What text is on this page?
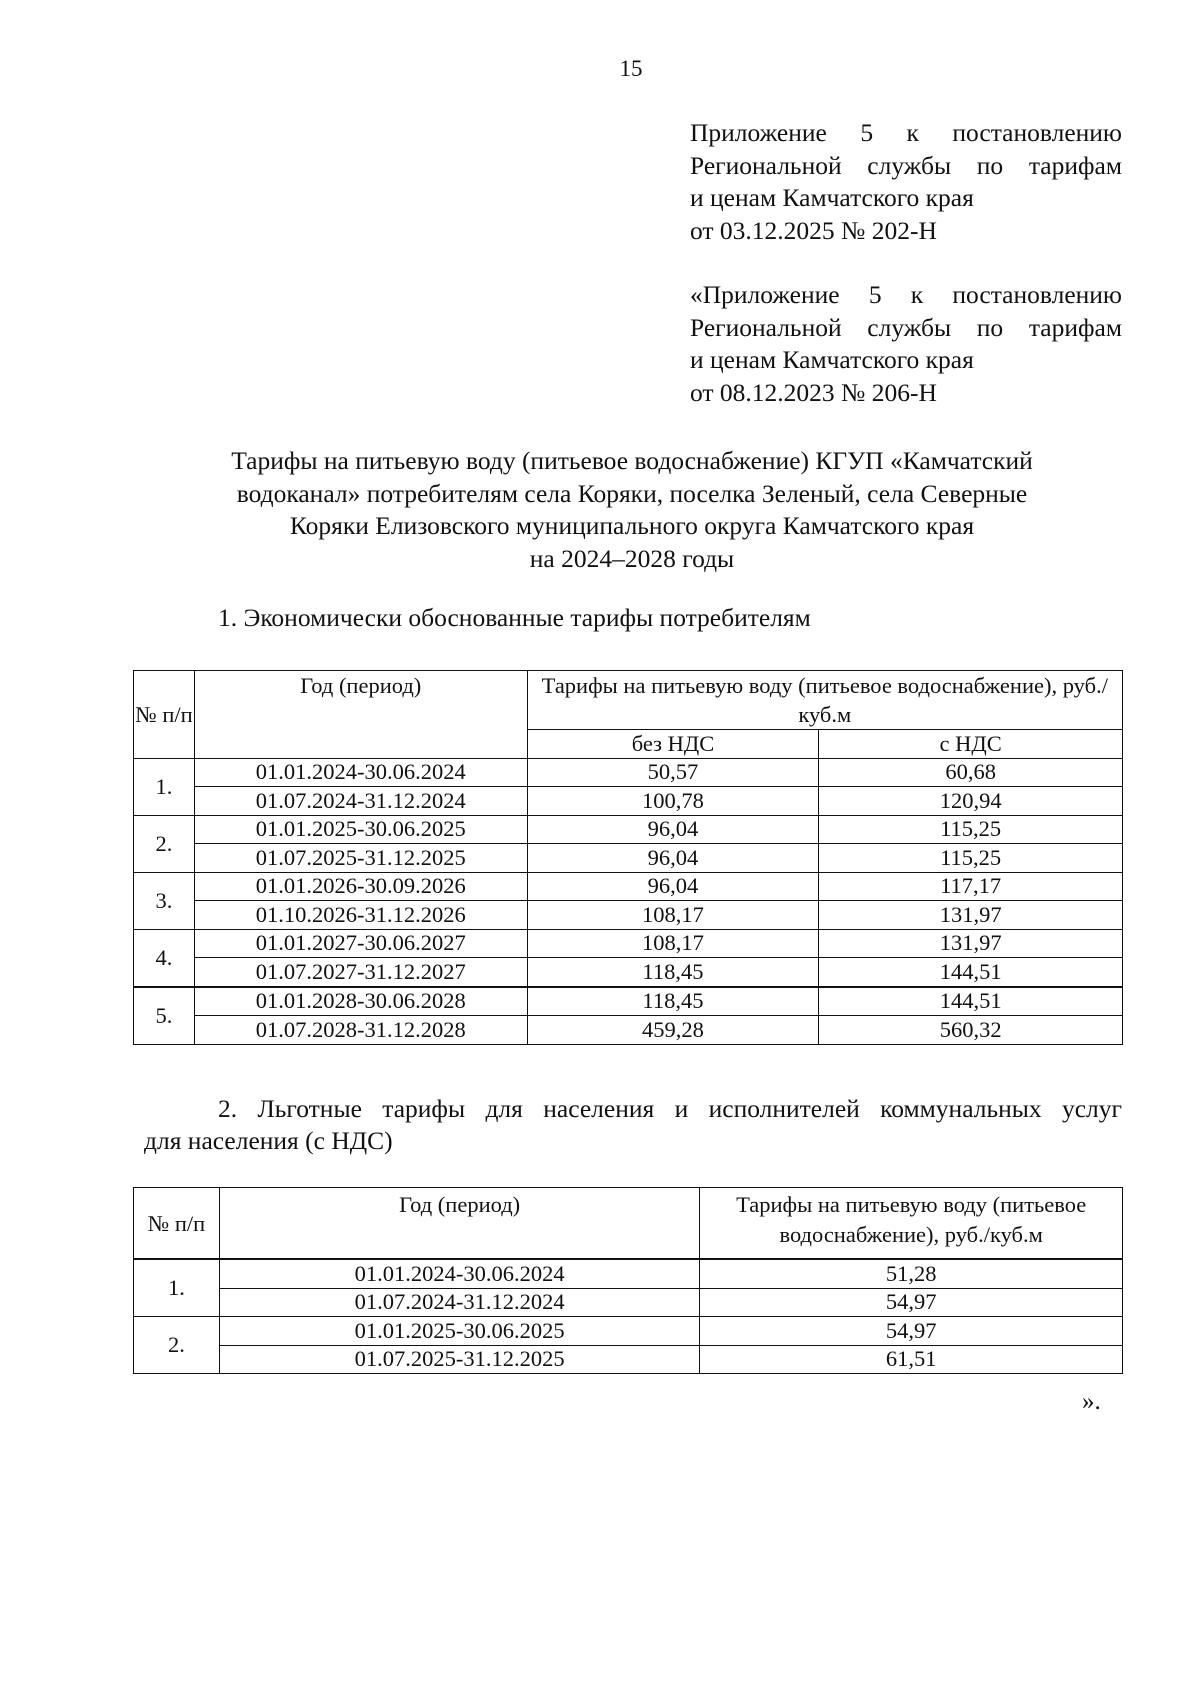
15
Приложение 5 к постановлению
Региональной службы по тарифам
и ценам Камчатского края
от 03.12.2025 № 202-Н
«Приложение 5 к постановлению
Региональной службы по тарифам
и ценам Камчатского края
от 08.12.2023 № 206-Н
Тарифы на питьевую воду (питьевое водоснабжение) КГУП «Камчатский
водоканал» потребителям села Коряки, поселка Зеленый, села Северные
Коряки Елизовского муниципального округа Камчатского края
на 2024–2028 годы
1. Экономически обоснованные тарифы потребителям
№ п/п	Год (период)	Тарифы на питьевую воду (питьевое водоснабжение), руб./куб.м	
		без НДС	с НДС
1.	01.01.2024-30.06.2024	50,57	60,68
	01.07.2024-31.12.2024	100,78	120,94
2.	01.01.2025-30.06.2025	96,04	115,25
	01.07.2025-31.12.2025	96,04	115,25
3.	01.01.2026-30.09.2026	96,04	117,17
	01.10.2026-31.12.2026	108,17	131,97
4.	01.01.2027-30.06.2027	108,17	131,97
	01.07.2027-31.12.2027	118,45	144,51
5.	01.01.2028-30.06.2028	118,45	144,51
	01.07.2028-31.12.2028	459,28	560,32
2. Льготные тарифы для населения и исполнителей коммунальных услуг
для населения (с НДС)
№ п/п	Год (период)	Тарифы на питьевую воду (питьевое водоснабжение), руб./куб.м
1.	01.01.2024-30.06.2024	51,28
	01.07.2024-31.12.2024	54,97
2.	01.01.2025-30.06.2025	54,97
	01.07.2025-31.12.2025	61,51
».
